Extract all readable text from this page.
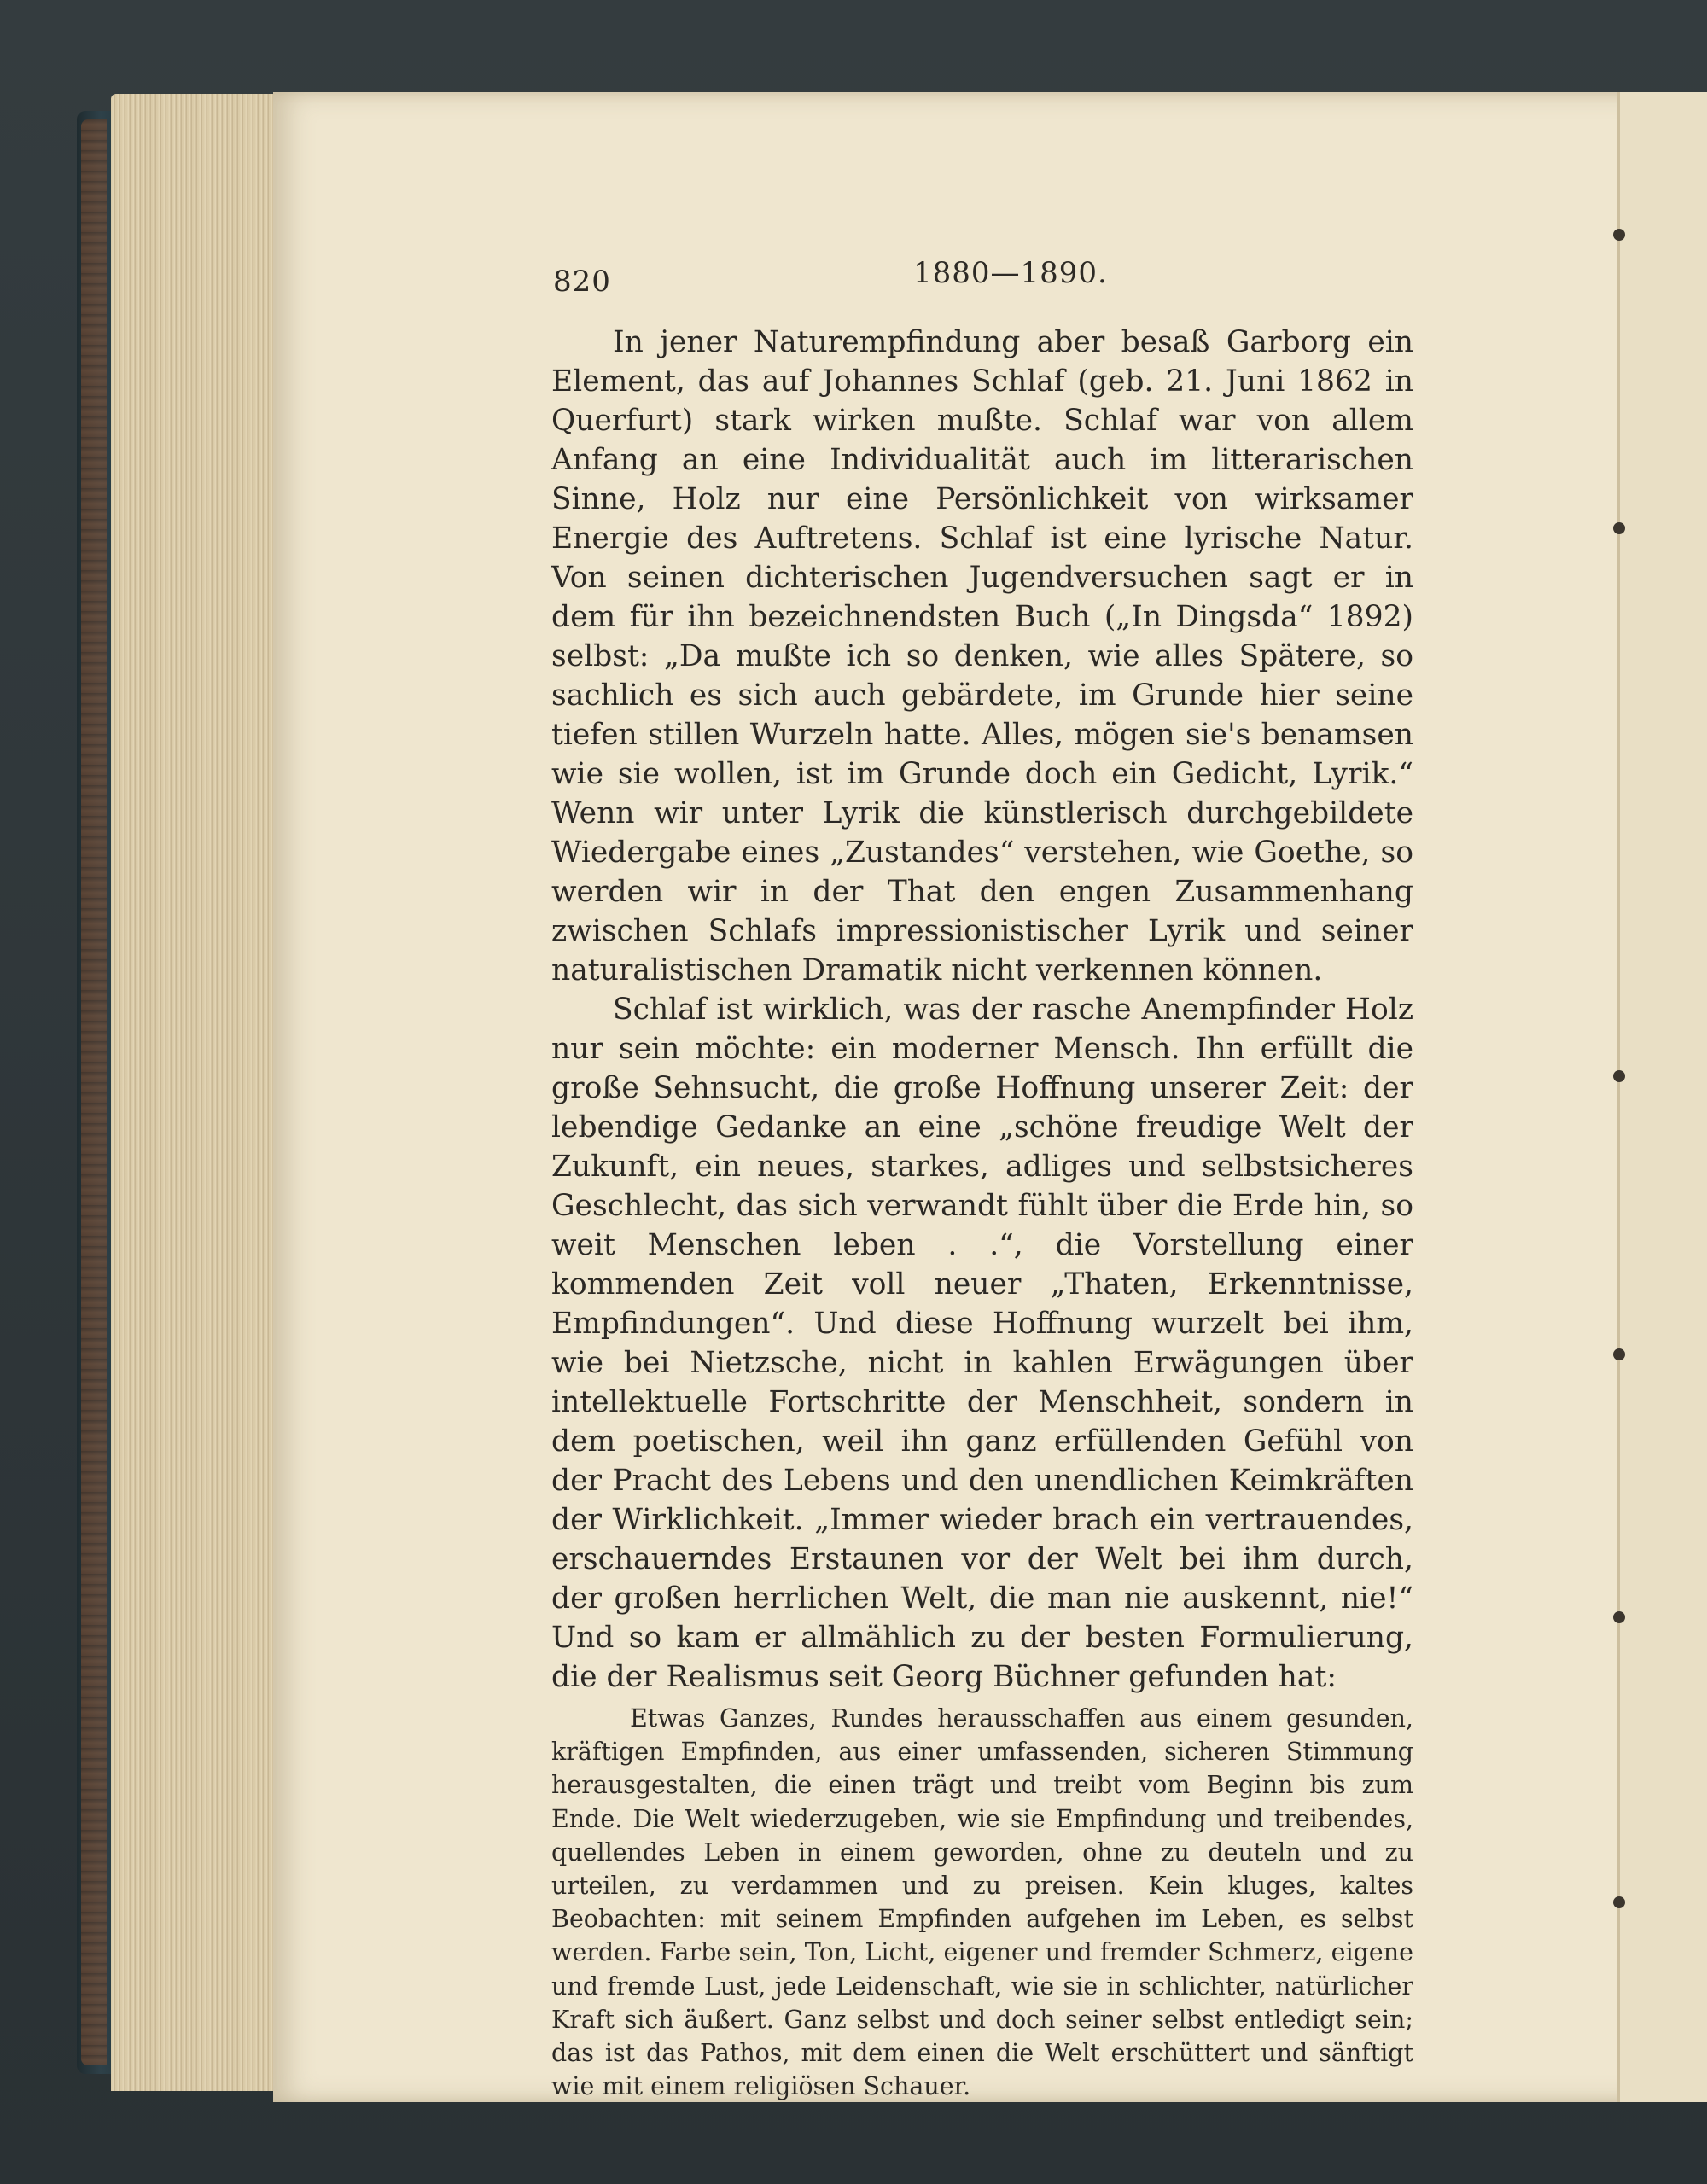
820	1880—1890.

In jener Naturempfindung aber besaß Garborg ein Element, das auf Johannes Schlaf (geb. 21. Juni 1862 in Querfurt) stark wirken mußte. Schlaf war von allem Anfang an eine Individualität auch im litterarischen Sinne, Holz nur eine Persönlichkeit von wirksamer Energie des Auftretens. Schlaf ist eine lyrische Natur. Von seinen dichterischen Jugendversuchen sagt er in dem für ihn bezeichnendsten Buch („In Dingsda“ 1892) selbst: „Da mußte ich so denken, wie alles Spätere, so sachlich es sich auch gebärdete, im Grunde hier seine tiefen stillen Wurzeln hatte. Alles, mögen sie's benamsen wie sie wollen, ist im Grunde doch ein Gedicht, Lyrik.“ Wenn wir unter Lyrik die künstlerisch durchgebildete Wiedergabe eines „Zustandes“ verstehen, wie Goethe, so werden wir in der That den engen Zusammenhang zwischen Schlafs impressionistischer Lyrik und seiner naturalistischen Dramatik nicht verkennen können.

Schlaf ist wirklich, was der rasche Anempfinder Holz nur sein möchte: ein moderner Mensch. Ihn erfüllt die große Sehnsucht, die große Hoffnung unserer Zeit: der lebendige Gedanke an eine „schöne freudige Welt der Zukunft, ein neues, starkes, adliges und selbstsicheres Geschlecht, das sich verwandt fühlt über die Erde hin, so weit Menschen leben . .“, die Vorstellung einer kommenden Zeit voll neuer „Thaten, Erkenntnisse, Empfindungen“. Und diese Hoffnung wurzelt bei ihm, wie bei Nietzsche, nicht in kahlen Erwägungen über intellektuelle Fortschritte der Menschheit, sondern in dem poetischen, weil ihn ganz erfüllenden Gefühl von der Pracht des Lebens und den unendlichen Keimkräften der Wirklichkeit. „Immer wieder brach ein vertrauendes, erschauerndes Erstaunen vor der Welt bei ihm durch, der großen herrlichen Welt, die man nie auskennt, nie!“ Und so kam er allmählich zu der besten Formulierung, die der Realismus seit Georg Büchner gefunden hat:

Etwas Ganzes, Rundes herausschaffen aus einem gesunden, kräftigen Empfinden, aus einer umfassenden, sicheren Stimmung herausgestalten, die einen trägt und treibt vom Beginn bis zum Ende. Die Welt wiederzugeben, wie sie Empfindung und treibendes, quellendes Leben in einem geworden, ohne zu deuteln und zu urteilen, zu verdammen und zu preisen. Kein kluges, kaltes Beobachten: mit seinem Empfinden aufgehen im Leben, es selbst werden. Farbe sein, Ton, Licht, eigener und fremder Schmerz, eigene und fremde Lust, jede Leidenschaft, wie sie in schlichter, natürlicher Kraft sich äußert. Ganz selbst und doch seiner selbst entledigt sein; das ist das Pathos, mit dem einen die Welt erschüttert und sänftigt wie mit einem religiösen Schauer.
